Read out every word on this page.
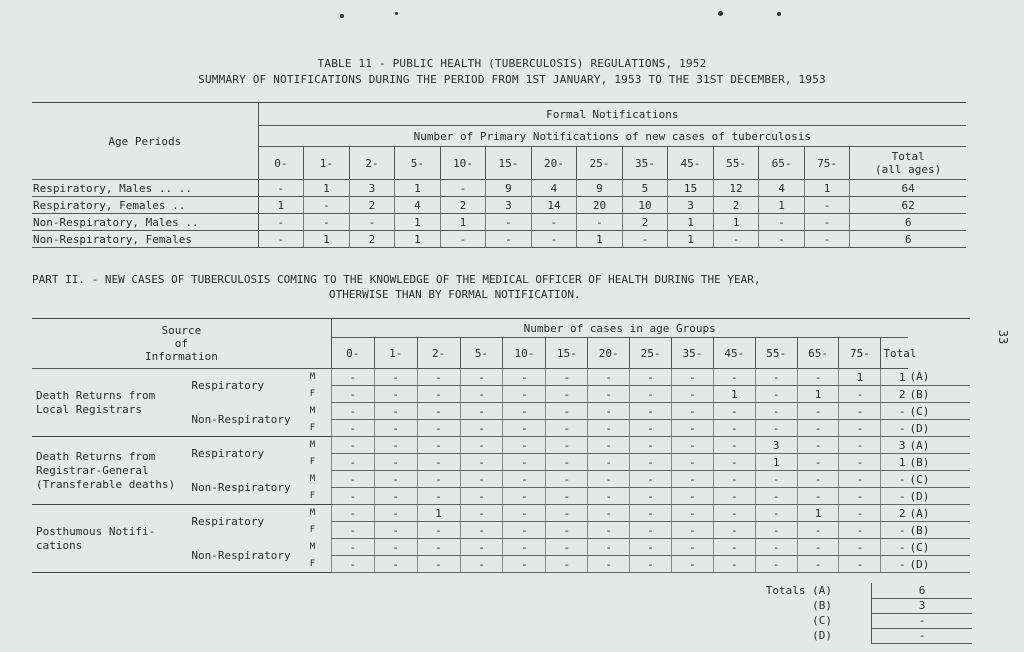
TABLE 11 - PUBLIC HEALTH (TUBERCULOSIS) REGULATIONS, 1952
SUMMARY OF NOTIFICATIONS DURING THE PERIOD FROM 1ST JANUARY, 1953 TO THE 31ST DECEMBER, 1953
Age Periods	Formal Notifications													
	Number of Primary Notifications of new cases of tuberculosis													
	0-	1-	2-	5-	10-	15-	20-	25-	35-	45-	55-	65-	75-	Total
(all ages)

Respiratory, Males .. ..	-	1	3	1	-	9	4	9	5	15	12	4	1	64
Respiratory, Females ..	1	-	2	4	2	3	14	20	10	3	2	1	-	62
Non-Respiratory, Males ..	-	-	-	1	1	-	-	-	2	1	1	-	-	6
Non-Respiratory, Females	-	1	2	1	-	-	-	1	-	1	-	-	-	6
PART II. - NEW CASES OF TUBERCULOSIS COMING TO THE KNOWLEDGE OF THE MEDICAL OFFICER OF HEALTH DURING THE YEAR,
OTHERWISE THAN BY FORMAL NOTIFICATION.
Source
of
Information			Number of cases in age Groups														
			0-	1-	2-	5-	10-	15-	20-	25-	35-	45-	55-	65-	75-	Total	
Death Returns from Local Registrars	Respiratory	M	-	-	-	-	-	-	-	-	-	-	-	-	1	1	(A)
		F	-	-	-	-	-	-	-	-	-	1	-	1	-	2	(B)
	Non-Respiratory	M	-	-	-	-	-	-	-	-	-	-	-	-	-	-	(C)
		F	-	-	-	-	-	-	-	-	-	-	-	-	-	-	(D)
Death Returns from Registrar-General (Transferable deaths)	Respiratory	M	-	-	-	-	-	-	-	-	-	-	3	-	-	3	(A)
		F	-	-	-	-	-	-	-	-	-	-	1	-	-	1	(B)
	Non-Respiratory	M	-	-	-	-	-	-	-	-	-	-	-	-	-	-	(C)
		F	-	-	-	-	-	-	-	-	-	-	-	-	-	-	(D)
Posthumous Notifi- cations	Respiratory	M	-	-	1	-	-	-	-	-	-	-	-	1	-	2	(A)
		F	-	-	-	-	-	-	-	-	-	-	-	-	-	-	(B)
	Non-Respiratory	M	-	-	-	-	-	-	-	-	-	-	-	-	-	-	(C)
		F	-	-	-	-	-	-	-	-	-	-	-	-	-	-	(D)
Totals (A)	6
(B)	3
(C)	-
(D)	-
33
